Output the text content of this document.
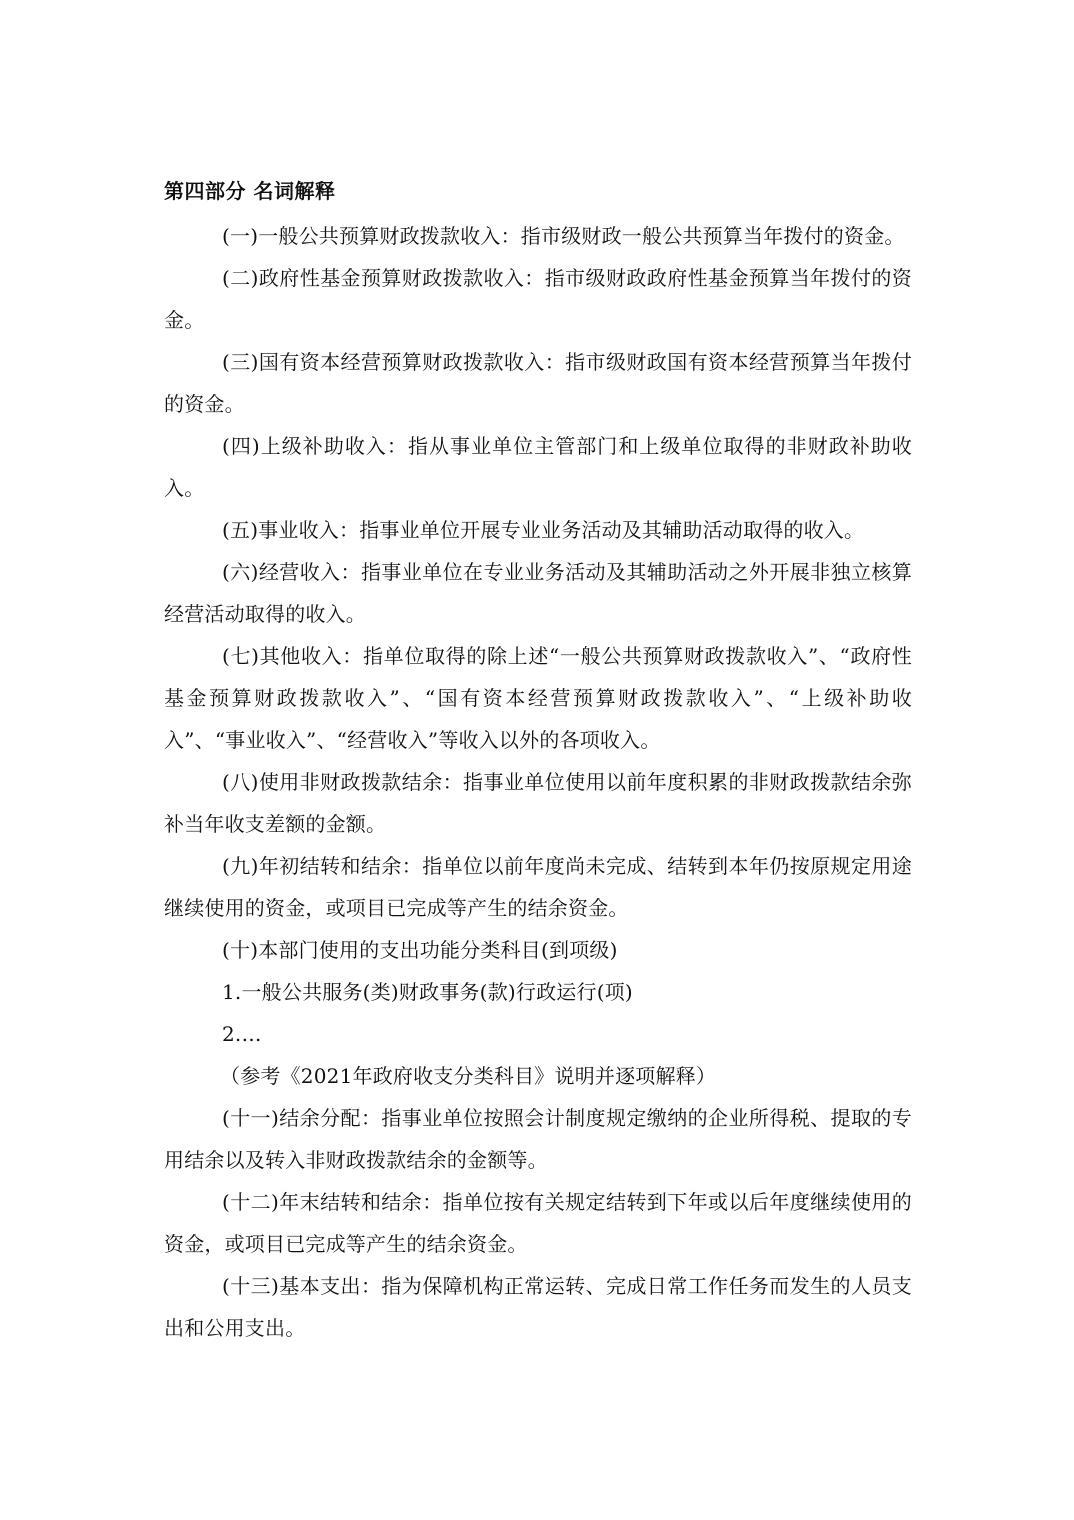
第四部分 名词解释

(一)一般公共预算财政拨款收入：指市级财政一般公共预算当年拨付的资金。

(二)政府性基金预算财政拨款收入：指市级财政政府性基金预算当年拨付的资金。

(三)国有资本经营预算财政拨款收入：指市级财政国有资本经营预算当年拨付的资金。

(四)上级补助收入：指从事业单位主管部门和上级单位取得的非财政补助收入。

(五)事业收入：指事业单位开展专业业务活动及其辅助活动取得的收入。

(六)经营收入：指事业单位在专业业务活动及其辅助活动之外开展非独立核算经营活动取得的收入。

(七)其他收入：指单位取得的除上述“一般公共预算财政拨款收入”、“政府性基金预算财政拨款收入”、“国有资本经营预算财政拨款收入”、“上级补助收入”、“事业收入”、“经营收入”等收入以外的各项收入。

(八)使用非财政拨款结余：指事业单位使用以前年度积累的非财政拨款结余弥补当年收支差额的金额。

(九)年初结转和结余：指单位以前年度尚未完成、结转到本年仍按原规定用途继续使用的资金，或项目已完成等产生的结余资金。

(十)本部门使用的支出功能分类科目(到项级)

1.一般公共服务(类)财政事务(款)行政运行(项)

2.…

（参考《2021年政府收支分类科目》说明并逐项解释）

(十一)结余分配：指事业单位按照会计制度规定缴纳的企业所得税、提取的专用结余以及转入非财政拨款结余的金额等。

(十二)年末结转和结余：指单位按有关规定结转到下年或以后年度继续使用的资金，或项目已完成等产生的结余资金。

(十三)基本支出：指为保障机构正常运转、完成日常工作任务而发生的人员支出和公用支出。
